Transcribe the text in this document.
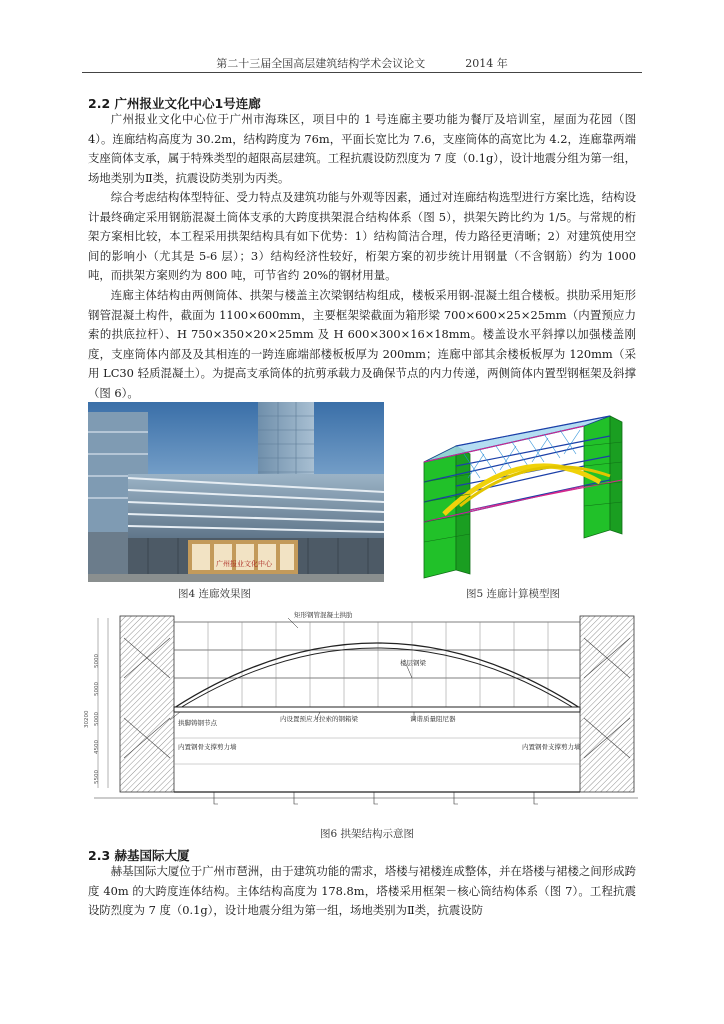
第二十三届全国高层建筑结构学术会议论文	2014 年
2.2 广州报业文化中心1号连廊

广州报业文化中心位于广州市海珠区，项目中的 1 号连廊主要功能为餐厅及培训室，屋面为花园（图 4）。连廊结构高度为 30.2m，结构跨度为 76m，平面长宽比为 7.6，支座筒体的高宽比为 4.2，连廊靠两端支座筒体支承，属于特殊类型的超限高层建筑。工程抗震设防烈度为 7 度（0.1g），设计地震分组为第一组，场地类别为Ⅱ类，抗震设防类别为丙类。

综合考虑结构体型特征、受力特点及建筑功能与外观等因素，通过对连廊结构选型进行方案比选，结构设计最终确定采用钢筋混凝土筒体支承的大跨度拱架混合结构体系（图 5），拱架矢跨比约为 1/5。与常规的桁架方案相比较，本工程采用拱架结构具有如下优势：1）结构简洁合理，传力路径更清晰；2）对建筑使用空间的影响小（尤其是 5-6 层）；3）结构经济性较好，桁架方案的初步统计用钢量（不含钢筋）约为 1000 吨，而拱架方案则约为 800 吨，可节省约 20%的钢材用量。

连廊主体结构由两侧筒体、拱架与楼盖主次梁钢结构组成，楼板采用钢-混凝土组合楼板。拱肋采用矩形钢管混凝土构件，截面为 1100×600mm，主要框架梁截面为箱形梁 700×600×25×25mm（内置预应力索的拱底拉杆）、H 750×350×20×25mm 及 H 600×300×16×18mm。楼盖设水平斜撑以加强楼盖刚度，支座筒体内部及及其相连的一跨连廊端部楼板板厚为 200mm；连廊中部其余楼板板厚为 120mm（采用 LC30 轻质混凝土）。为提高支承筒体的抗剪承载力及确保节点的内力传递，两侧筒体内置型钢框架及斜撑（图 6）。

广州报业文化中心
图4 连廊效果图	图5 连廊计算模型图
5000
5000
5000
4500
5500
30200
矩形钢管混凝土拱肋
楼层钢梁
拱脚铸钢节点	内设置预应力拉索的钢箱梁	调谐质量阻尼器
内置钢骨支撑剪力墙	内置钢骨支撑剪力墙
图6 拱架结构示意图
2.3 赫基国际大厦

赫基国际大厦位于广州市琶洲，由于建筑功能的需求，塔楼与裙楼连成整体，并在塔楼与裙楼之间形成跨度 40m 的大跨度连体结构。主体结构高度为 178.8m，塔楼采用框架－核心筒结构体系（图 7）。工程抗震设防烈度为 7 度（0.1g），设计地震分组为第一组，场地类别为Ⅱ类，抗震设防
